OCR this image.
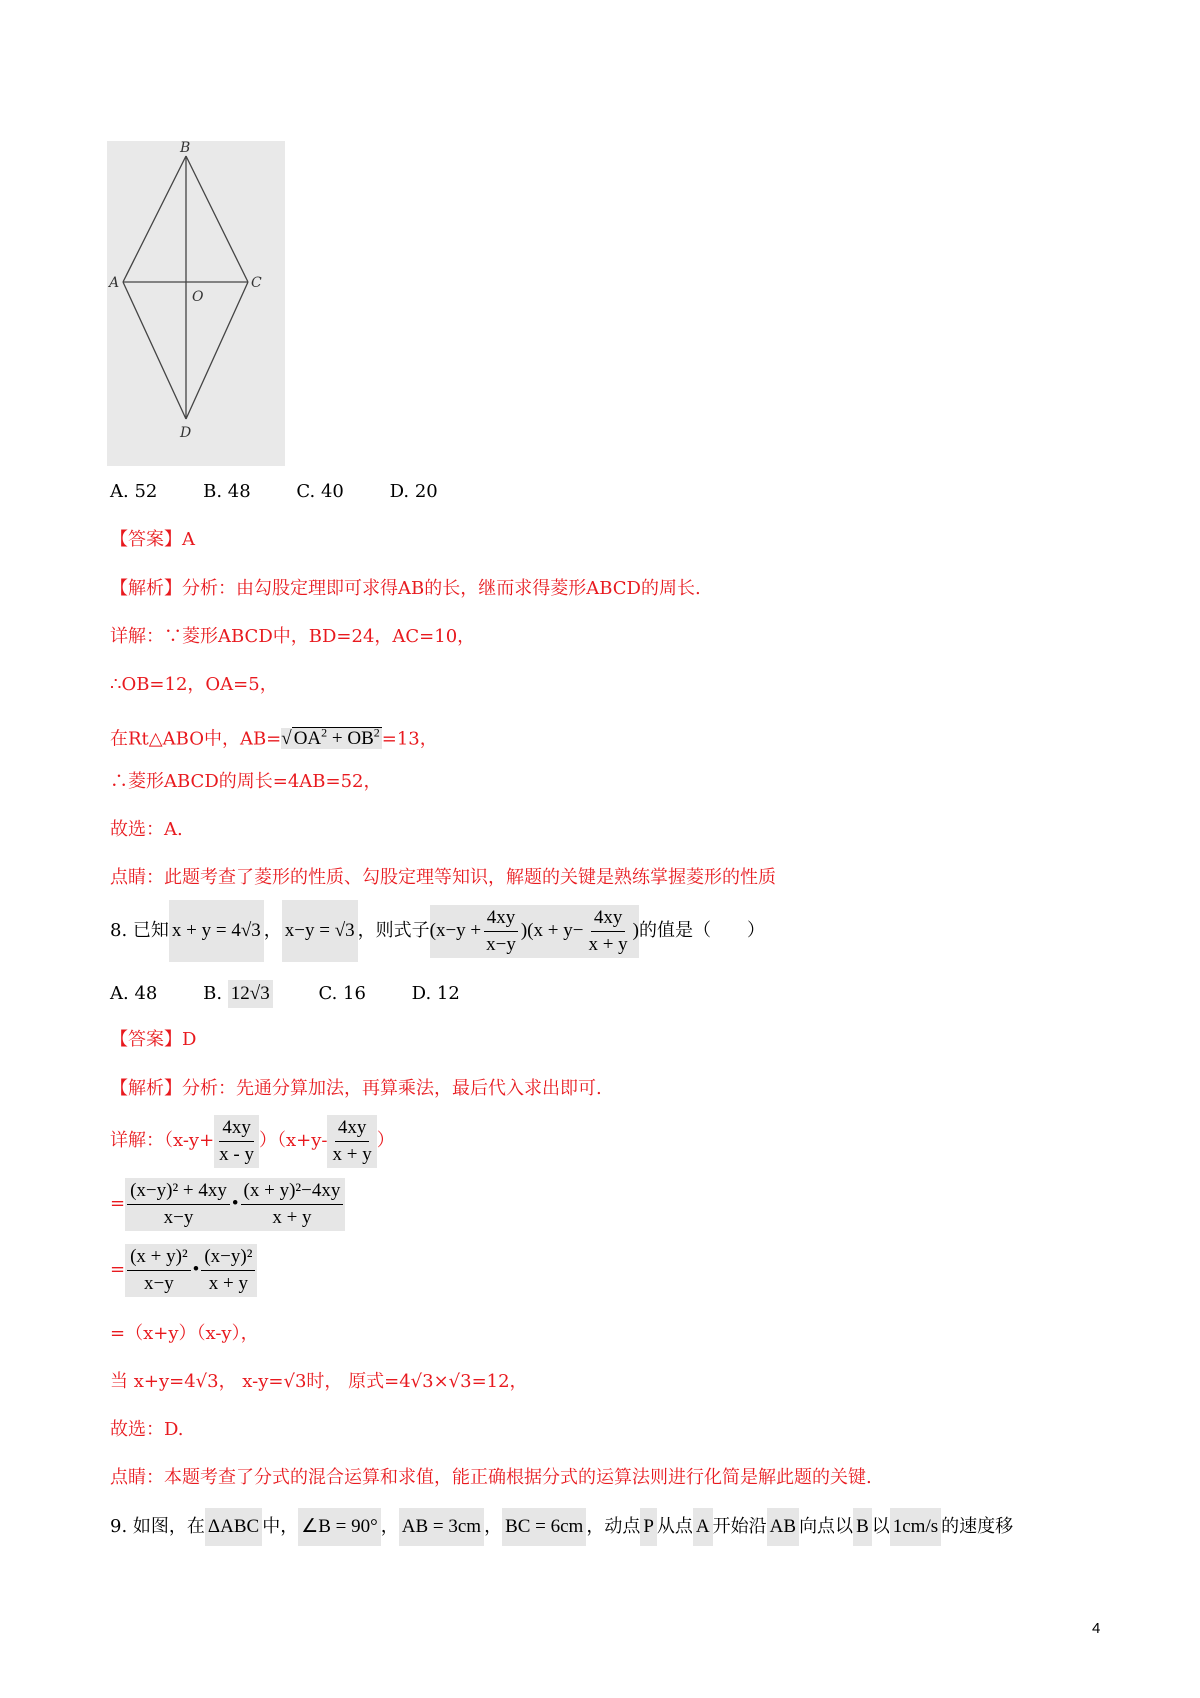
B
A
O
C
D
A. 52	B. 48	C. 40	D. 20
【答案】A
【解析】分析：由勾股定理即可求得AB的长，继而求得菱形ABCD的周长.
详解：∵菱形ABCD中，BD=24，AC=10，
∴OB=12，OA=5，
在Rt△ABO中，AB=√ $OA^2 + OB^2 =13$，
∴菱形ABCD的周长=4AB=52，
故选：A.
点睛：此题考查了菱形的性质、勾股定理等知识，解题的关键是熟练掌握菱形的性质
8. 已知 x + y = 4√3 ， x−y = √3 ，则式子$(x-y + \frac{4xy}{x-y} )(x + y- \frac{4xy}{x + y}$ )的值是（　　）
A. 48	B. 12√3	C. 16	D. 12
【答案】D
【解析】分析：先通分算加法，再算乘法，最后代入求出即可.
详解：$(x-y+ \frac{4xy}{x - y} )(x+y- \frac{4xy}{x + y}$ ）
= $\frac{\text{(x−y)² + 4xy}}{x-y}$ • $\frac{\text{(x + y)²−4xy}}{x + y}$
= $\frac{\text{(x + y)²}}{x-y}$ • $\frac{\text{(x−y)²}}{x + y}$
=（x+y）（x-y），
当 x+y=4√3， x-y=√3时， 原式=4√3×√3=12，
故选：D.
点睛：本题考查了分式的混合运算和求值，能正确根据分式的运算法则进行化简是解此题的关键.
9. 如图，在 ΔABC 中， ∠B = 90° ， AB = 3cm ， BC = 6cm ，动点 P 从点 A 开始沿 AB 向点以 B 以 1cm/s 的速度移
4
